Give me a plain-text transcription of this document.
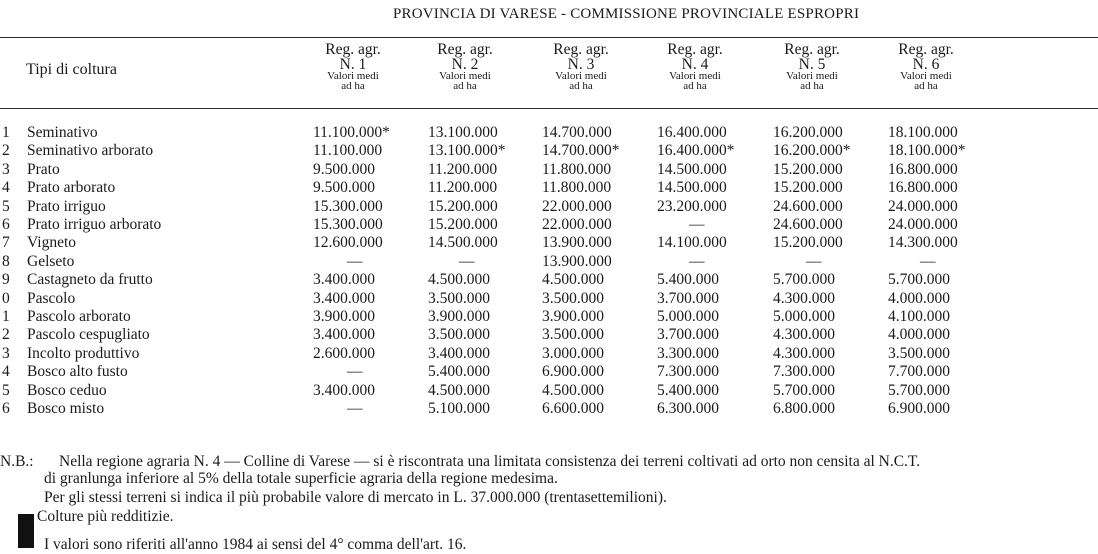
PROVINCIA DI VARESE - COMMISSIONE PROVINCIALE ESPROPRI
Tipi di coltura
Reg. agr.
N. 1
Valori medi
ad ha
Reg. agr.
N. 2
Valori medi
ad ha
Reg. agr.
N. 3
Valori medi
ad ha
Reg. agr.
N. 4
Valori medi
ad ha
Reg. agr.
N. 5
Valori medi
ad ha
Reg. agr.
N. 6
Valori medi
ad ha
1 Seminativo	11.100.000* 13.100.000	14.700.000	16.400.000	16.200.000	18.100.000
2 Seminativo arborato	11.100.000	13.100.000* 14.700.000* 16.400.000* 16.200.000* 18.100.000*
3 Prato	9.500.000	11.200.000	11.800.000	14.500.000	15.200.000	16.800.000
4 Prato arborato	9.500.000	11.200.000	11.800.000	14.500.000	15.200.000	16.800.000
5 Prato irriguo	15.300.000	15.200.000	22.000.000	23.200.000	24.600.000	24.000.000
6 Prato irriguo arborato	15.300.000	15.200.000	22.000.000	—	24.600.000	24.000.000
7 Vigneto	12.600.000	14.500.000	13.900.000	14.100.000	15.200.000	14.300.000
8 Gelseto	—	—	13.900.000	—	—	—
9 Castagneto da frutto	3.400.000	4.500.000	4.500.000	5.400.000	5.700.000	5.700.000
0 Pascolo	3.400.000	3.500.000	3.500.000	3.700.000	4.300.000	4.000.000
1 Pascolo arborato	3.900.000	3.900.000	3.900.000	5.000.000	5.000.000	4.100.000
2 Pascolo cespugliato	3.400.000	3.500.000	3.500.000	3.700.000	4.300.000	4.000.000
3 Incolto produttivo	2.600.000	3.400.000	3.000.000	3.300.000	4.300.000	3.500.000
4 Bosco alto fusto	—	5.400.000	6.900.000	7.300.000	7.300.000	7.700.000
5 Bosco ceduo	3.400.000	4.500.000	4.500.000	5.400.000	5.700.000	5.700.000
6 Bosco misto	—	5.100.000	6.600.000	6.300.000	6.800.000	6.900.000
N.B.: Nella regione agraria N. 4 — Colline di Varese — si è riscontrata una limitata consistenza dei terreni coltivati ad orto non censita al N.C.T.
di granlunga inferiore al 5% della totale superficie agraria della regione medesima.
Per gli stessi terreni si indica il più probabile valore di mercato in L. 37.000.000 (trentasettemilioni).
Colture più redditizie.
I valori sono riferiti all'anno 1984 ai sensi del 4° comma dell'art. 16.
